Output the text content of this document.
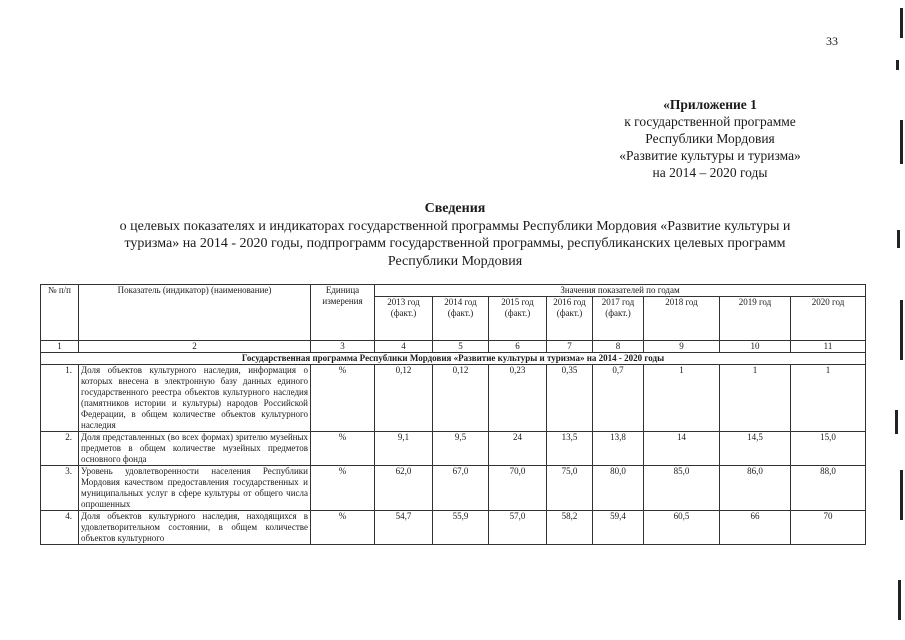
33
«Приложение 1
к государственной программе
Республики Мордовия
«Развитие культуры и туризма»
на 2014 – 2020 годы
Сведения
о целевых показателях и индикаторах государственной программы Республики Мордовия «Развитие культуры и
туризма» на 2014 - 2020 годы, подпрограмм государственной программы, республиканских целевых программ
Республики Мордовия
№ п/п	Показатель (индикатор) (наименование)	Единица измерения	Значения показателей по годам							
			2013 год (факт.)	2014 год (факт.)	2015 год (факт.)	2016 год (факт.)	2017 год (факт.)	2018 год	2019 год	2020 год
1	2	3	4	5	6	7	8	9	10	11
Государственная программа Республики Мордовия «Развитие культуры и туризма» на 2014 - 2020 годы										
1.	Доля объектов культурного наследия, информация о которых внесена в электронную базу данных единого государственного реестра объектов культурного наследия (памятников истории и культуры) народов Российской Федерации, в общем количестве объектов культурного наследия	%	0,12	0,12	0,23	0,35	0,7	1	1	1
2.	Доля представленных (во всех формах) зрителю музейных предметов в общем количестве музейных предметов основного фонда	%	9,1	9,5	24	13,5	13,8	14	14,5	15,0
3.	Уровень удовлетворенности населения Республики Мордовия качеством предоставления государственных и муниципальных услуг в сфере культуры от общего числа опрошенных	%	62,0	67,0	70,0	75,0	80,0	85,0	86,0	88,0
4.	Доля объектов культурного наследия, находящихся в удовлетворительном состоянии, в общем количестве объектов культурного	%	54,7	55,9	57,0	58,2	59,4	60,5	66	70
